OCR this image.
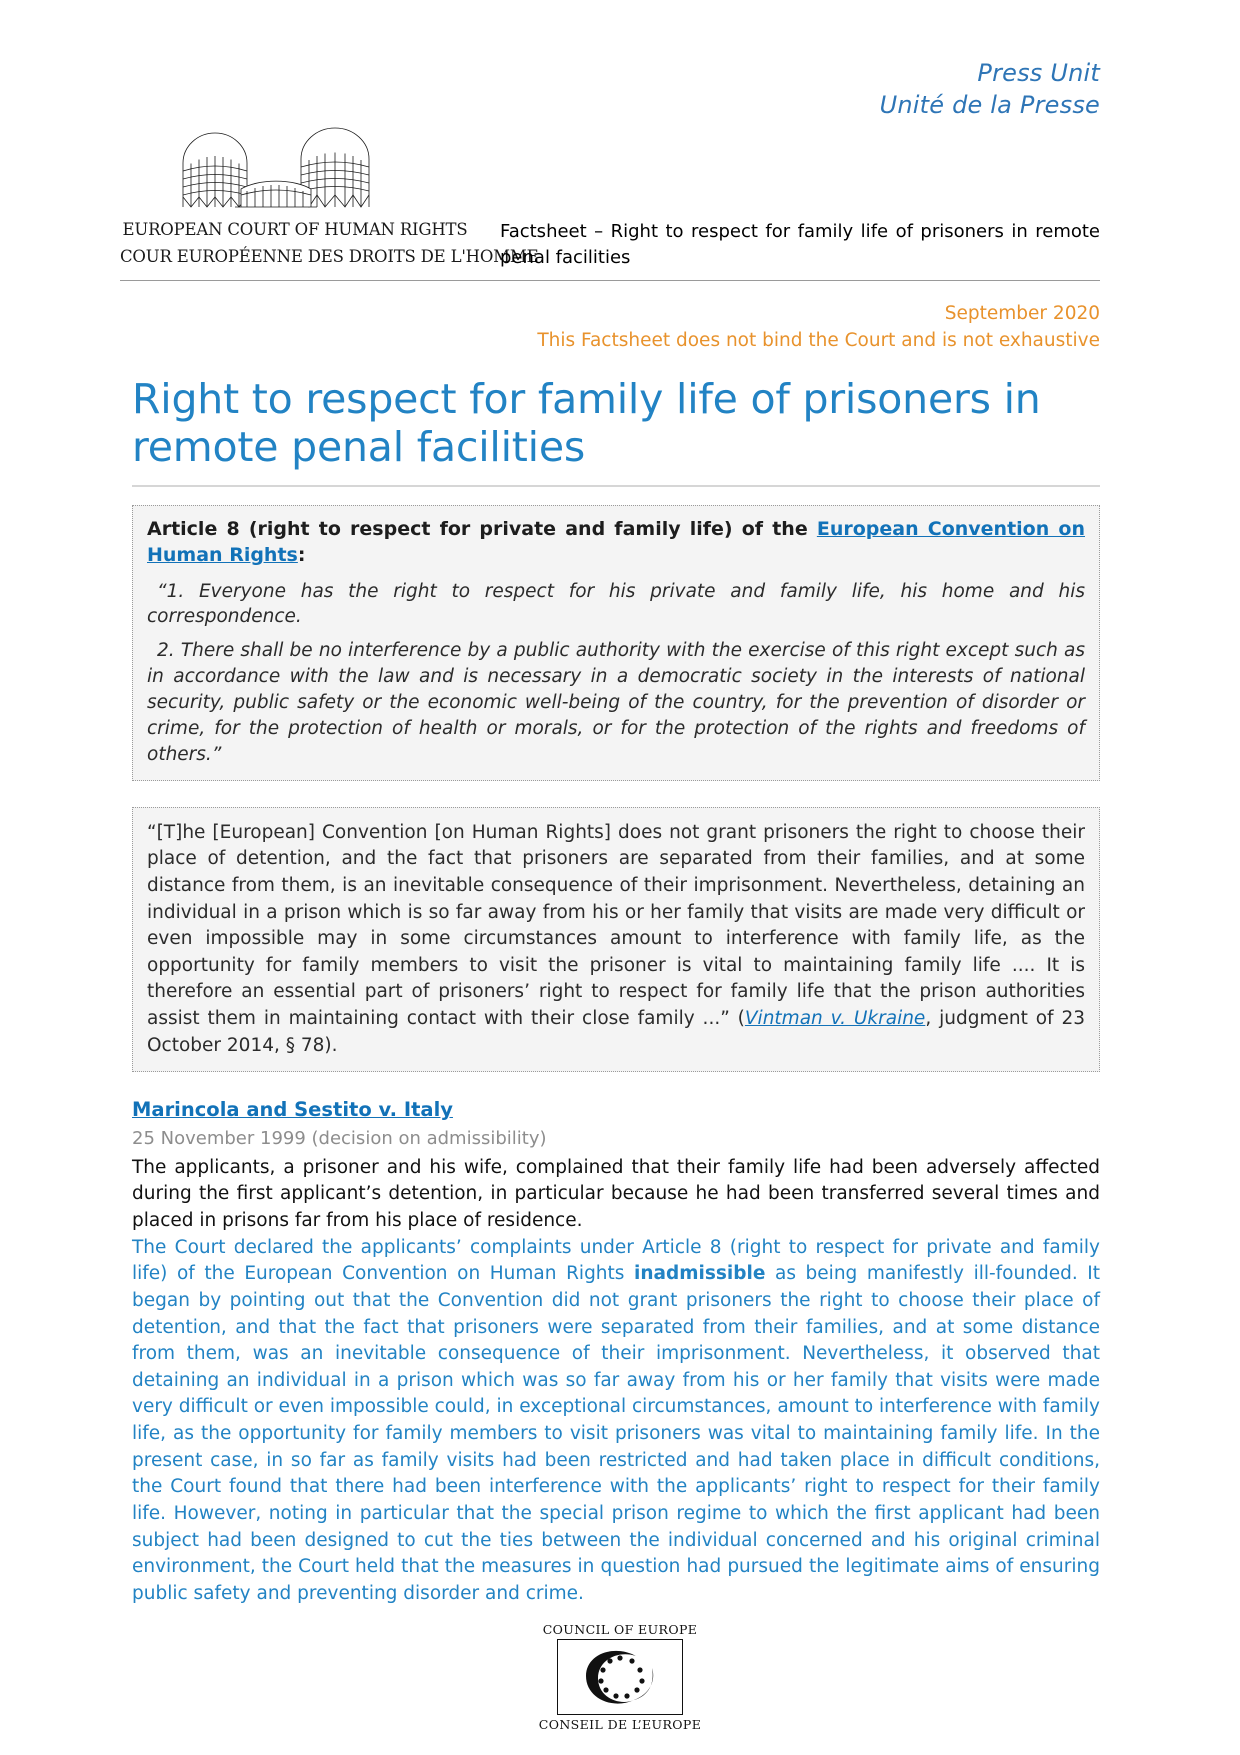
Press Unit
Unité de la Presse
EUROPEAN COURT OF HUMAN RIGHTS
COUR EUROPÉENNE DES DROITS DE L'HOMME
Factsheet – Right to respect for family life of prisoners in remote penal facilities
September 2020
This Factsheet does not bind the Court and is not exhaustive
Right to respect for family life of prisoners in remote penal facilities

Article 8 (right to respect for private and family life) of the European Convention on Human Rights:

“1. Everyone has the right to respect for his private and family life, his home and his correspondence.

2. There shall be no interference by a public authority with the exercise of this right except such as in accordance with the law and is necessary in a democratic society in the interests of national security, public safety or the economic well-being of the country, for the prevention of disorder or crime, for the protection of health or morals, or for the protection of the rights and freedoms of others.”

“[T]he [European] Convention [on Human Rights] does not grant prisoners the right to choose their place of detention, and the fact that prisoners are separated from their families, and at some distance from them, is an inevitable consequence of their imprisonment. Nevertheless, detaining an individual in a prison which is so far away from his or her family that visits are made very difficult or even impossible may in some circumstances amount to interference with family life, as the opportunity for family members to visit the prisoner is vital to maintaining family life .... It is therefore an essential part of prisoners’ right to respect for family life that the prison authorities assist them in maintaining contact with their close family ...” (Vintman v. Ukraine, judgment of 23 October 2014, § 78).

Marincola and Sestito v. Italy

25 November 1999 (decision on admissibility)

The applicants, a prisoner and his wife, complained that their family life had been adversely affected during the first applicant’s detention, in particular because he had been transferred several times and placed in prisons far from his place of residence.

The Court declared the applicants’ complaints under Article 8 (right to respect for private and family life) of the European Convention on Human Rights inadmissible as being manifestly ill-founded. It began by pointing out that the Convention did not grant prisoners the right to choose their place of detention, and that the fact that prisoners were separated from their families, and at some distance from them, was an inevitable consequence of their imprisonment. Nevertheless, it observed that detaining an individual in a prison which was so far away from his or her family that visits were made very difficult or even impossible could, in exceptional circumstances, amount to interference with family life, as the opportunity for family members to visit prisoners was vital to maintaining family life. In the present case, in so far as family visits had been restricted and had taken place in difficult conditions, the Court found that there had been interference with the applicants’ right to respect for their family life. However, noting in particular that the special prison regime to which the first applicant had been subject had been designed to cut the ties between the individual concerned and his original criminal environment, the Court held that the measures in question had pursued the legitimate aims of ensuring public safety and preventing disorder and crime.

COUNCIL OF EUROPE
CONSEIL DE L’EUROPE
